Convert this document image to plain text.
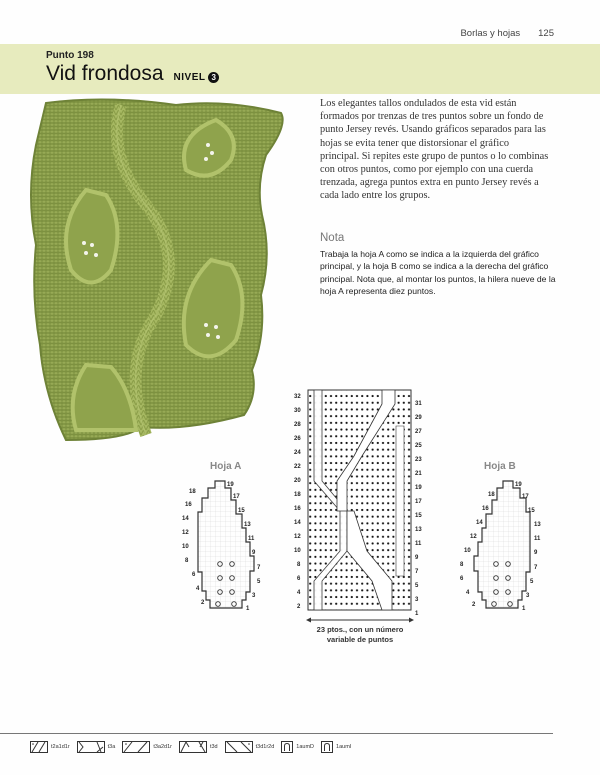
Borlas y hojas 125
Punto 198
Vid frondosa NIVEL 3

Los elegantes tallos ondulados de esta vid están formados por trenzas de tres puntos sobre un fondo de punto Jersey revés. Usando gráficos separados para las hojas se evita tener que distorsionar el gráfico principal. Si repites este grupo de puntos o lo combinas con otros puntos, como por ejemplo con una cuerda trenzada, agrega puntos extra en punto Jersey revés a cada lado entre los grupos.

Nota

Trabaja la hoja A como se indica a la izquierda del gráfico principal, y la hoja B como se indica a la derecha del gráfico principal. Nota que, al montar los puntos, la hilera nueve de la hoja A representa diez puntos.

Hoja A
18
16
14
12
10
8
6
4
2
19
17
15
13
11
9
7
5
3
1
32
30
28
26
24
22
20
18
16
14
12
10
8
6
4
2
31
29
27
25
23
21
19
17
15
13
11
9
7
5
3
1
23 ptos., con un número
variable de puntos
Hoja B
18
16
14
12
10
8
6
4
2
19
17
15
13
11
9
7
5
3
1
t2a1d1r	t3a	t3a2d1r	t3d	t3d1r2d	1aumD	1aumI
